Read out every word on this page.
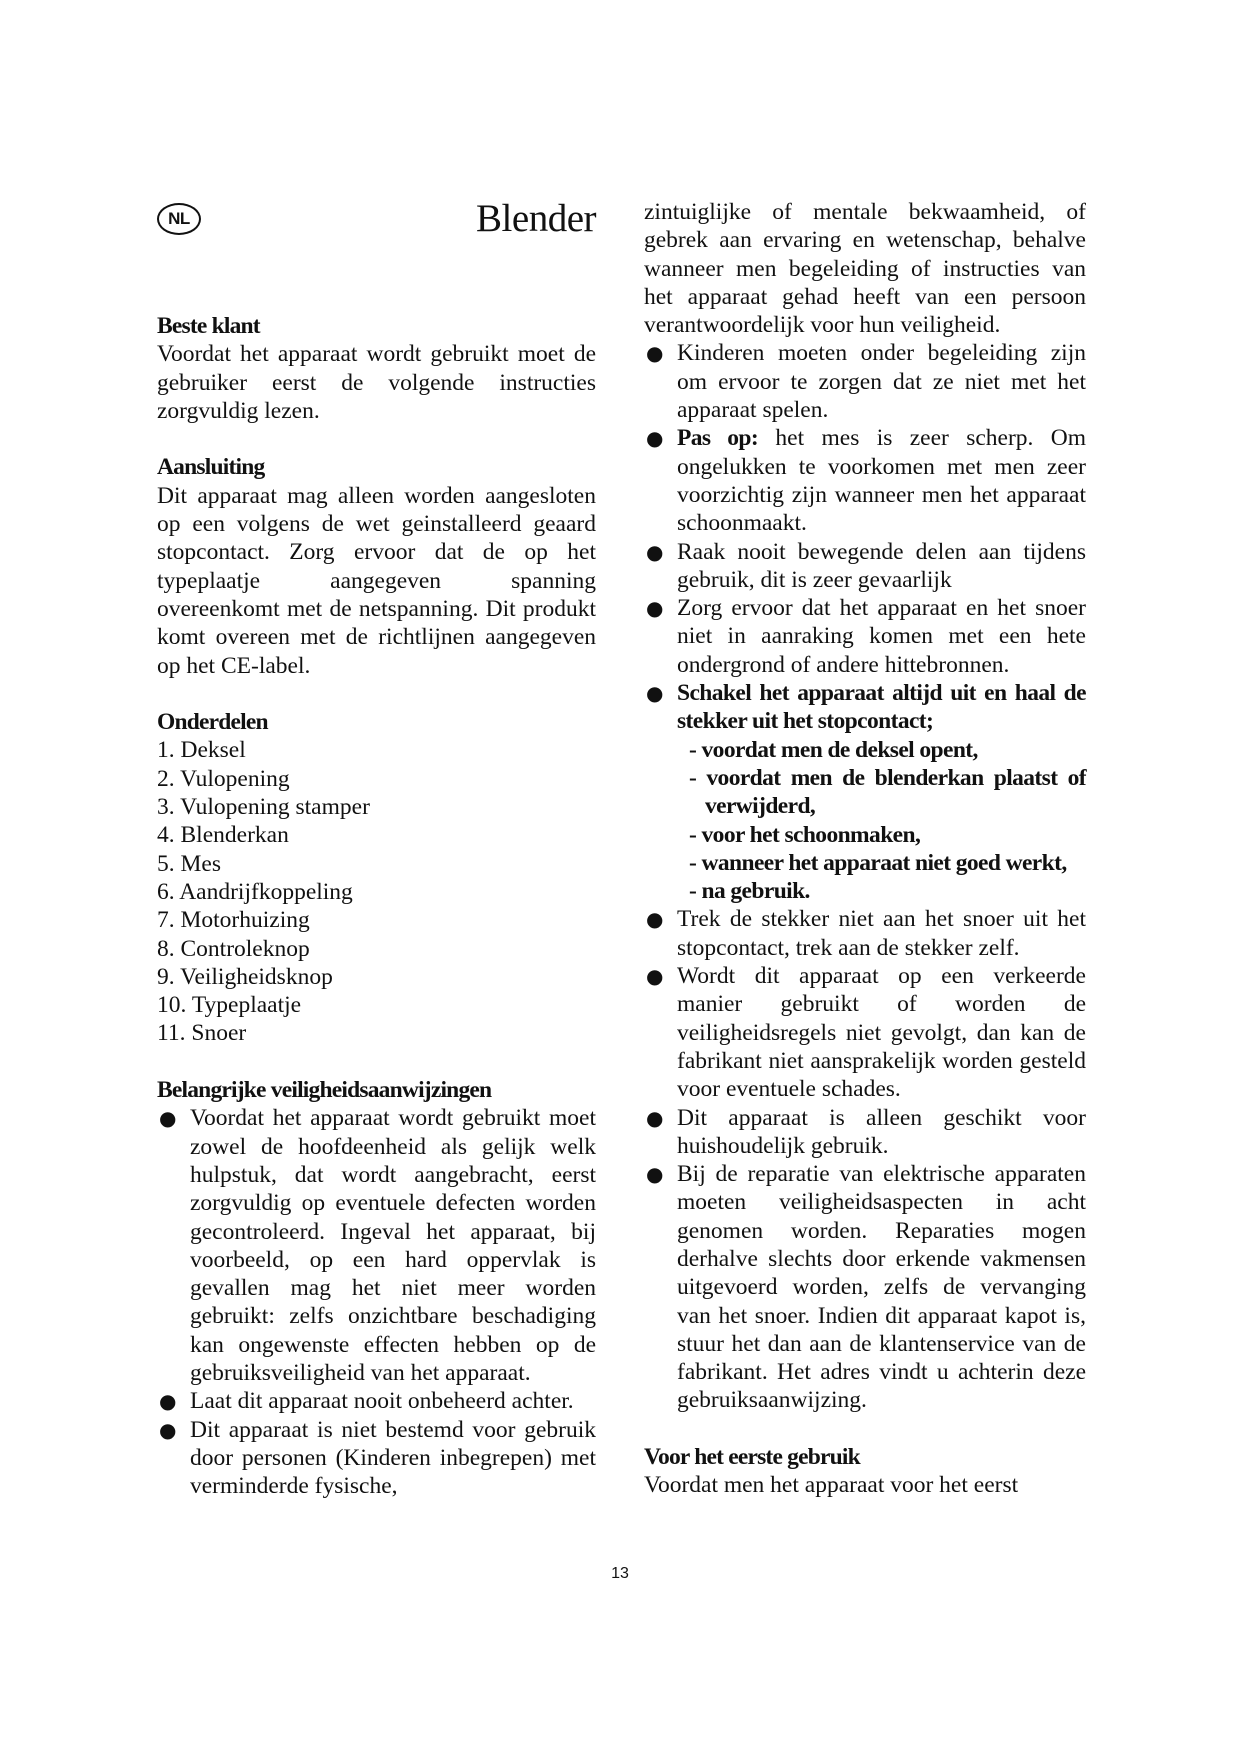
NL	Blender
Beste klant

Voordat het apparaat wordt gebruikt moet de gebruiker eerst de volgende instructies zorgvuldig lezen.

Aansluiting

Dit apparaat mag alleen worden aangesloten op een volgens de wet geinstalleerd geaard stopcontact. Zorg ervoor dat de op het typeplaatje aangegeven spanning overeenkomt met de netspanning. Dit produkt komt overeen met de richtlijnen aangegeven op het CE-label.

Onderdelen
1. Deksel
2. Vulopening
3. Vulopening stamper
4. Blenderkan
5. Mes
6. Aandrijfkoppeling
7. Motorhuizing
8. Controleknop
9. Veiligheidsknop
10. Typeplaatje
11. Snoer
Belangrijke veiligheidsaanwijzingen
● Voordat het apparaat wordt gebruikt moet zowel de hoofdeenheid als gelijk welk hulpstuk, dat wordt aangebracht, eerst zorgvuldig op eventuele defecten worden gecontroleerd. Ingeval het apparaat, bij voorbeeld, op een hard oppervlak is gevallen mag het niet meer worden gebruikt: zelfs onzichtbare beschadiging kan ongewenste effecten hebben op de gebruiksveiligheid van het apparaat.
● Laat dit apparaat nooit onbeheerd achter.
● Dit apparaat is niet bestemd voor gebruik door personen (Kinderen inbegrepen) met verminderde fysische,

zintuiglijke of mentale bekwaamheid, of gebrek aan ervaring en wetenschap, behalve wanneer men begeleiding of instructies van het apparaat gehad heeft van een persoon verantwoordelijk voor hun veiligheid.

● Kinderen moeten onder begeleiding zijn om ervoor te zorgen dat ze niet met het apparaat spelen.
● Pas op: het mes is zeer scherp. Om ongelukken te voorkomen met men zeer voorzichtig zijn wanneer men het apparaat schoonmaakt.
● Raak nooit bewegende delen aan tijdens gebruik, dit is zeer gevaarlijk
● Zorg ervoor dat het apparaat en het snoer niet in aanraking komen met een hete ondergrond of andere hittebronnen.
● Schakel het apparaat altijd uit en haal de stekker uit het stopcontact;
- voordat men de deksel opent,
- voordat men de blenderkan plaatst of verwijderd,
- voor het schoonmaken,
- wanneer het apparaat niet goed werkt,
- na gebruik.
● Trek de stekker niet aan het snoer uit het stopcontact, trek aan de stekker zelf.
● Wordt dit apparaat op een verkeerde manier gebruikt of worden de veiligheidsregels niet gevolgt, dan kan de fabrikant niet aansprakelijk worden gesteld voor eventuele schades.
● Dit apparaat is alleen geschikt voor huishoudelijk gebruik.
● Bij de reparatie van elektrische apparaten moeten veiligheidsaspecten in acht genomen worden. Reparaties mogen derhalve slechts door erkende vakmensen uitgevoerd worden, zelfs de vervanging van het snoer. Indien dit apparaat kapot is, stuur het dan aan de klantenservice van de fabrikant. Het adres vindt u achterin deze gebruiksaanwijzing.
Voor het eerste gebruik

Voordat men het apparaat voor het eerst

13
